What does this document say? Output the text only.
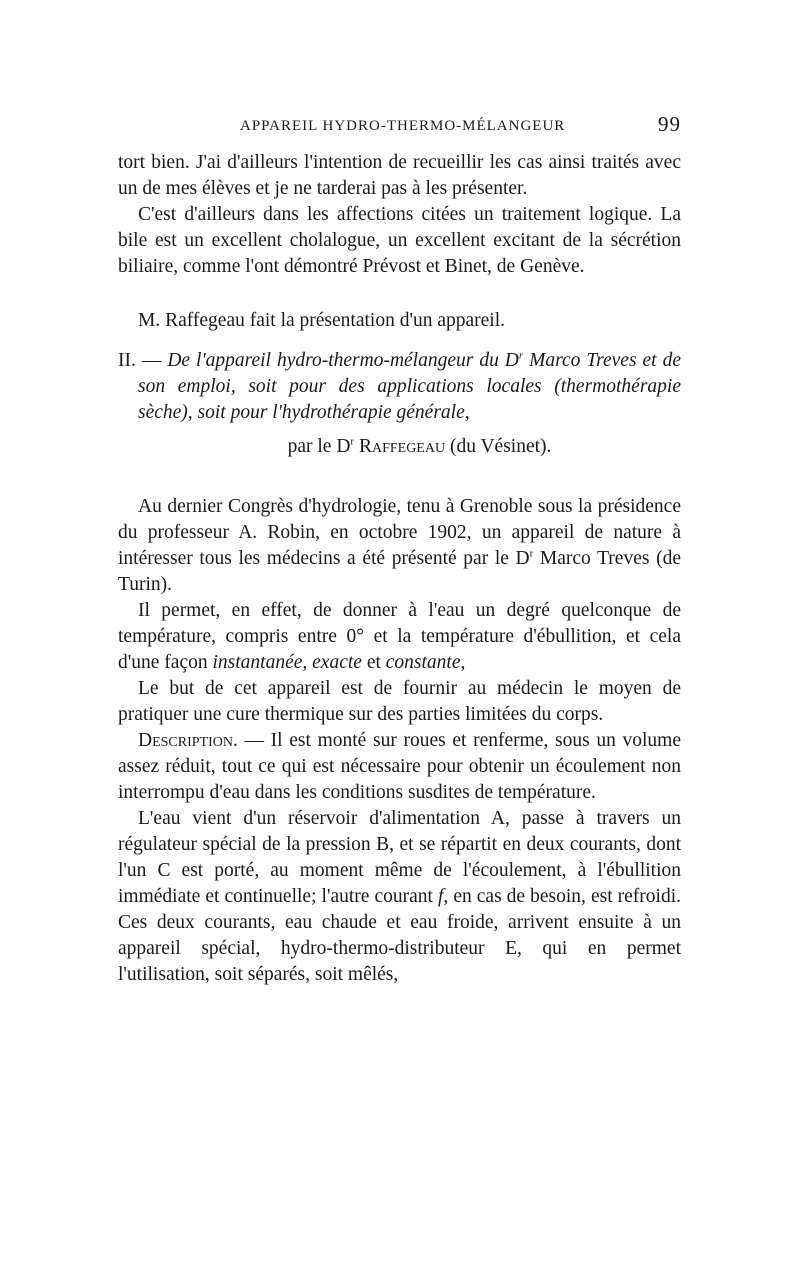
APPAREIL HYDRO-THERMO-MÉLANGEUR	99

tort bien. J'ai d'ailleurs l'intention de recueillir les cas ainsi traités avec un de mes élèves et je ne tarderai pas à les présenter.

C'est d'ailleurs dans les affections citées un traitement logique. La bile est un excellent cholalogue, un excellent excitant de la sécrétion biliaire, comme l'ont démontré Prévost et Binet, de Genève.

M. Raffegeau fait la présentation d'un appareil.

II. — De l'appareil hydro-thermo-mélangeur du $D^r$ Marco Treves et de son emploi, soit pour des applications locales (thermothérapie sèche), soit pour l'hydrothérapie générale,

par le $D^r$ Raffegeau (du Vésinet).

Au dernier Congrès d'hydrologie, tenu à Grenoble sous la présidence du professeur A. Robin, en octobre 1902, un appareil de nature à intéresser tous les médecins a été présenté par le $D^r$ Marco Treves (de Turin).

Il permet, en effet, de donner à l'eau un degré quelconque de température, compris entre 0° et la température d'ébullition, et cela d'une façon instantanée, exacte et constante,

Le but de cet appareil est de fournir au médecin le moyen de pratiquer une cure thermique sur des parties limitées du corps.

Description. — Il est monté sur roues et renferme, sous un volume assez réduit, tout ce qui est nécessaire pour obtenir un écoulement non interrompu d'eau dans les conditions susdites de température.

L'eau vient d'un réservoir d'alimentation A, passe à travers un régulateur spécial de la pression B, et se répartit en deux courants, dont l'un C est porté, au moment même de l'écoulement, à l'ébullition immédiate et continuelle; l'autre courant f, en cas de besoin, est refroidi. Ces deux courants, eau chaude et eau froide, arrivent ensuite à un appareil spécial, hydro-thermo-distributeur E, qui en permet l'utilisation, soit séparés, soit mêlés,
